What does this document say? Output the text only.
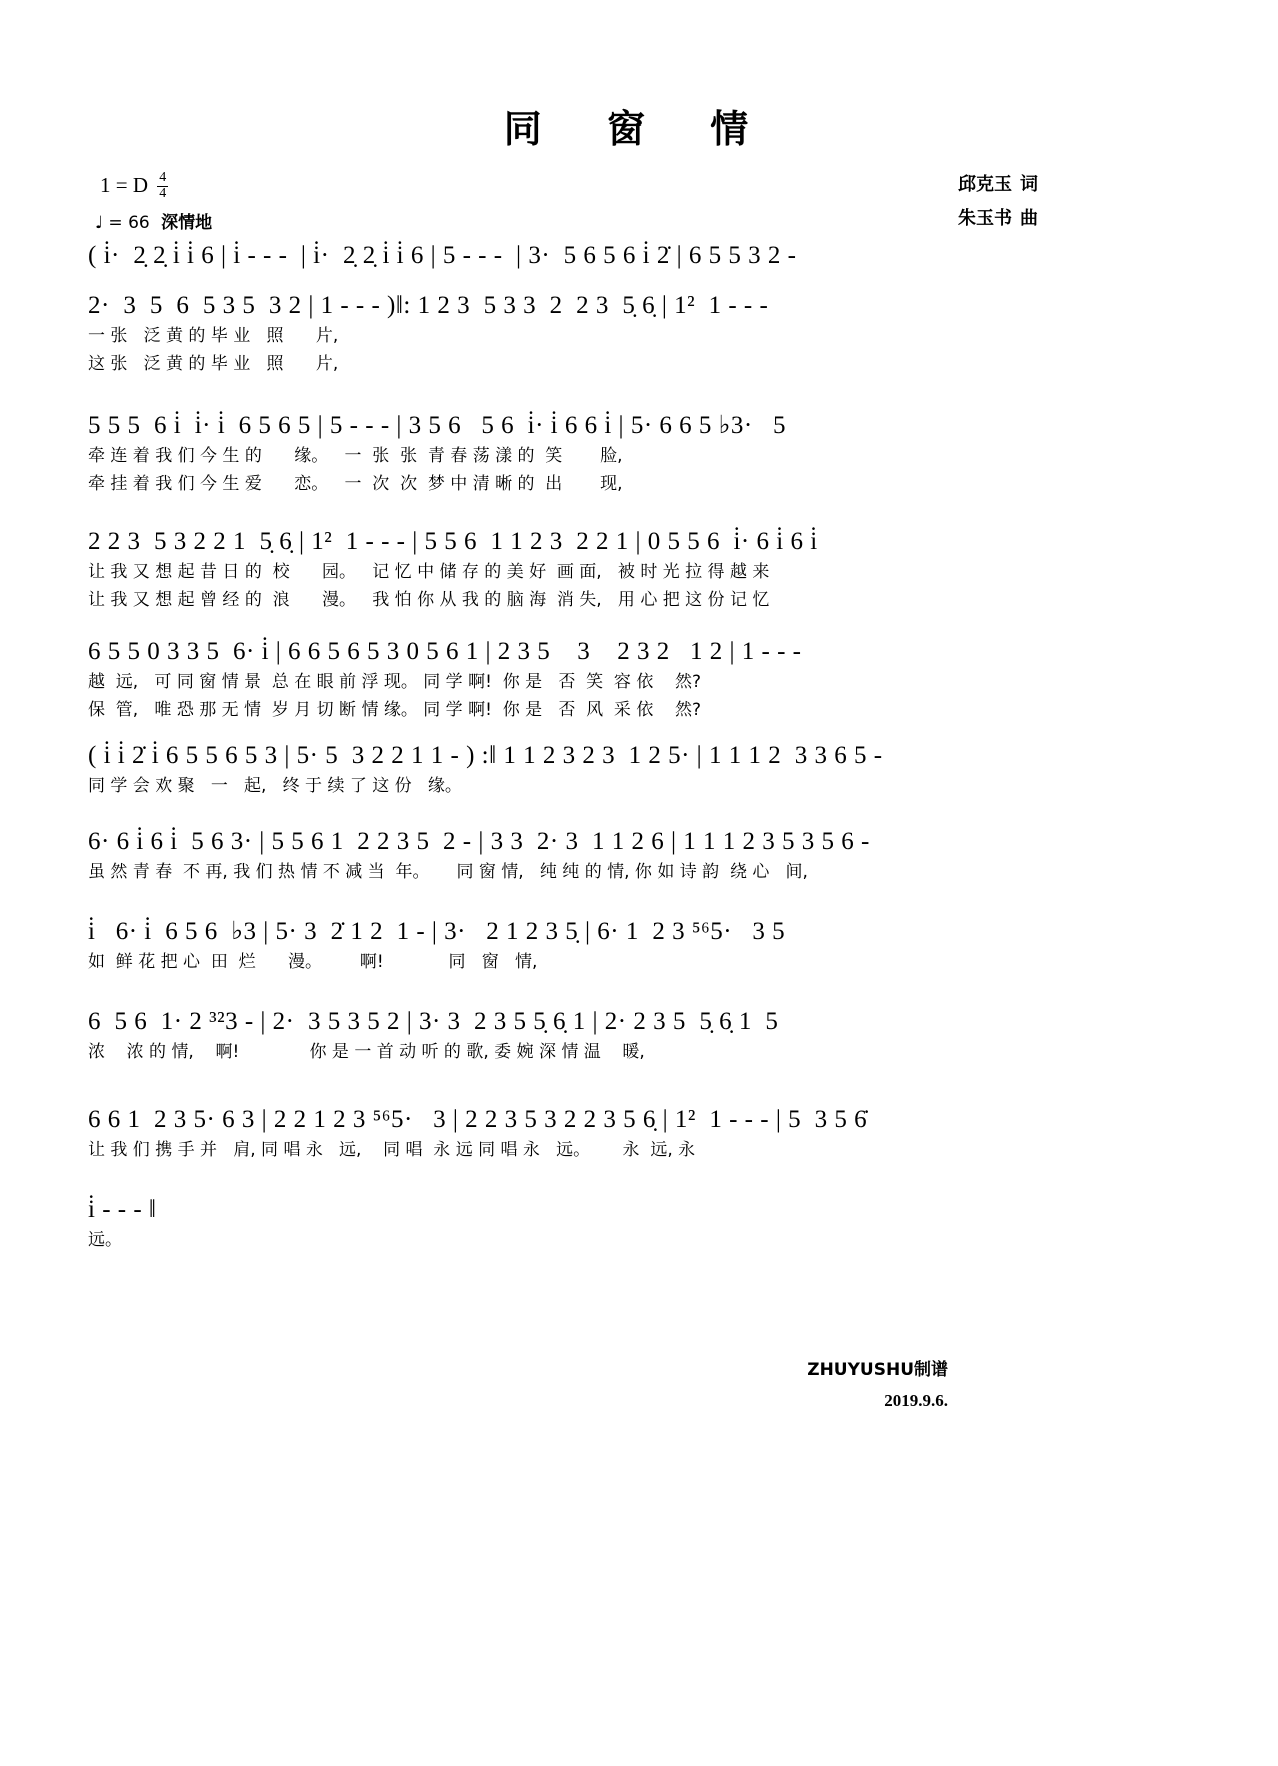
同 窗 情
1 = D $\frac{4}{4}$
♩ = 66 深情地
邱克玉 词
朱玉书 曲
( i̇·  2̣ 2̣ i̇ i̇ 6 | i̇ - - -  | i̇·  2̣ 2̣ i̇ i̇ 6 | 5 - - -  | 3·  5 6 5 6 i̇ 2̇ | 6 5 5 3 2 -
2·  3  5  6  5 3 5  3 2 | 1 - - - )‖: 1 2 3  5 3 3  2  2 3  5̣ 6̣ | 1²  1 - - -
一 张   泛 黄 的 毕 业   照      片,
这 张   泛 黄 的 毕 业   照      片,
5 5 5  6 i̇  i̇· i̇  6 5 6 5 | 5 - - - | 3 5 6   5 6  i̇· i̇ 6 6 i̇ | 5· 6 6 5 ♭3·   5
牵 连 着 我 们 今 生 的      缘。   一  张  张  青 春 荡 漾 的  笑       脸,
牵 挂 着 我 们 今 生 爱      恋。   一  次  次  梦 中 清 晰 的  出       现,
2 2 3  5 3 2 2 1  5̣ 6̣ | 1²  1 - - - | 5 5 6  1 1 2 3  2 2 1 | 0 5 5 6  i̇· 6 i̇ 6 i̇
让 我 又 想 起 昔 日 的  校      园。   记 忆 中 储 存 的 美 好  画 面,   被 时 光 拉 得 越 来
让 我 又 想 起 曾 经 的  浪      漫。   我 怕 你 从 我 的 脑 海  消 失,   用 心 把 这 份 记 忆
6 5 5 0 3 3 5  6· i̇ | 6 6 5 6 5 3 0 5 6 1 | 2 3 5    3    2 3 2   1 2 | 1 - - -
越  远,   可 同 窗 情 景  总 在 眼 前 浮 现。 同 学 啊!  你 是   否  笑  容 依    然?
保  管,   唯 恐 那 无 情  岁 月 切 断 情 缘。 同 学 啊!  你 是   否  风  采 依    然?
( i̇ i̇ 2̇ i̇ 6 5 5 6 5 3 | 5· 5  3 2 2 1 1 - ) :‖ 1 1 2 3 2 3  1 2 5· | 1 1 1 2  3 3 6 5 -
同 学 会 欢 聚   一   起,   终 于 续 了 这 份   缘。
6· 6 i̇ 6 i̇  5 6 3· | 5 5 6 1  2 2 3 5  2 - | 3 3  2· 3  1 1 2 6 | 1 1 1 2 3 5 3 5 6 -
虽 然 青 春  不 再, 我 们 热 情 不 减 当  年。     同 窗 情,   纯 纯 的 情, 你 如 诗 韵  绕 心   间,
i̇   6· i̇  6 5 6  ♭3 | 5· 3  2̇ 1 2  1 - | 3·   2 1 2 3 5̣ | 6· 1  2 3 ⁵⁶5·   3 5
如  鲜 花 把 心  田  烂      漫。       啊!            同   窗   情,
6  5 6  1· 2 ³²3 - | 2·  3 5 3 5 2 | 3· 3  2 3 5 5̣ 6̣ 1 | 2· 2 3 5  5̣ 6̣ 1  5
浓    浓 的 情,    啊!             你 是 一 首 动 听 的 歌, 委 婉 深 情 温    暖,
6 6 1  2 3 5· 6 3 | 2 2 1 2 3 ⁵⁶5·   3 | 2 2 3 5 3 2 2 3 5 6̣ | 1²  1 - - - | 5  3 5 6̇
让 我 们 携 手 并   肩, 同 唱 永   远,    同 唱  永 远 同 唱 永   远。      永  远, 永
i̇ - - - ‖
远。
ZHUYUSHU制谱
2019.9.6.
